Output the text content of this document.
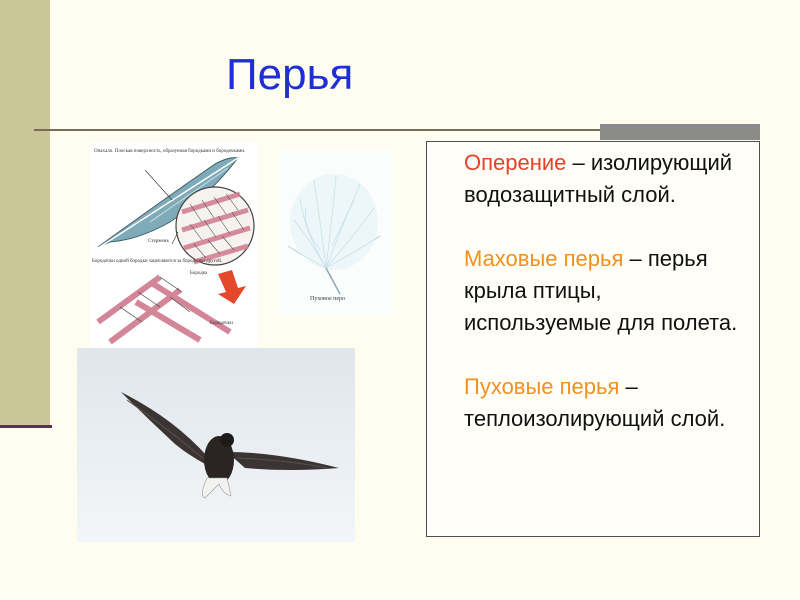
Перья
Опахало. Плоская поверхность, образуемая бородками и бородочками.
Стержень
Бородочки одной бородки зацепляются за бородочки другой.
Бородка
Бородочки
Пуховое перо
Оперение – изолирующий водозащитный слой.
Маховые перья – перья крыла птицы, используемые для полета.
Пуховые перья – теплоизолирующий слой.
